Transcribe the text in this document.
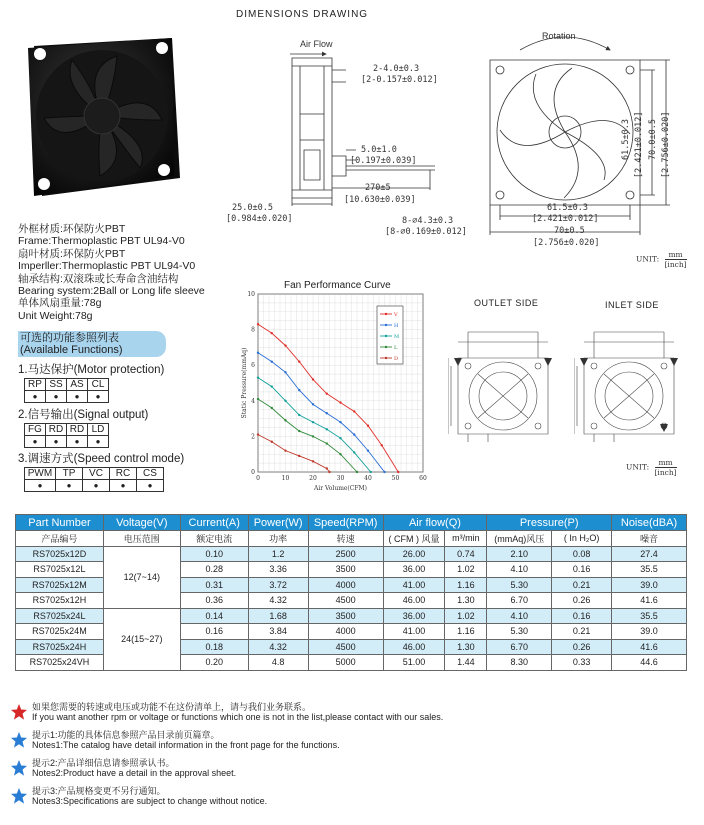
DIMENSIONS DRAWING
Air Flow
2-4.0±0.3
[2-0.157±0.012]
5.0±1.0
[0.197±0.039]
270±5
[10.630±0.039]
25.0±0.5
[0.984±0.020]
Rotation
61.5±0.3
[2.421±0.012]
70±0.5
[2.756±0.020]
8-∅4.3±0.3
[8-∅0.169±0.012]
61.5±0.3 [2.421±0.012] 70.0±0.5 [2.756±0.020]
UNIT:	mm
[inch]
外框材质:环保防火PBT
Frame:Thermoplastic PBT UL94-V0
扇叶材质:环保防火PBT
Imperller:Thermoplastic PBT UL94-V0
轴承结构:双滚珠或长寿命含油结构
Bearing system:2Ball or Long life sleeve
单体风扇重量:78g
Unit Weight:78g
可选的功能参照列表
(Available Functions)
1.马达保护(Motor protection)
RP	SS	AS	CL
●	●	●	●
2.信号输出(Signal output)
FG	RD	RD	LD
●	●	●	●
3.调速方式(Speed control mode)
PWM	TP	VC	RC	CS
●	●	●	●	●
Fan Performance Curve
0	10	20	30	40	50	60
0
2
4
6
8
10
Air Volume(CFM)
Static Pressure(mmAq)
V
H
M
L
D
OUTLET SIDE	INLET SIDE
UNIT:	mm
[inch]
Part Number	Voltage(V)	Current(A)	Power(W)	Speed(RPM)	Air flow(Q)		Pressure(P)		Noise(dBA)
产品编号	电压范围	额定电流	功率	转速	( CFM ) 风量	m³/min	(mmAq)风压	( In H₂O)	噪音
RS7025x12D	12(7~14)	0.10	1.2	2500	26.00	0.74	2.10	0.08	27.4
RS7025x12L		0.28	3.36	3500	36.00	1.02	4.10	0.16	35.5
RS7025x12M		0.31	3.72	4000	41.00	1.16	5.30	0.21	39.0
RS7025x12H		0.36	4.32	4500	46.00	1.30	6.70	0.26	41.6
RS7025x24L	24(15~27)	0.14	1.68	3500	36.00	1.02	4.10	0.16	35.5
RS7025x24M		0.16	3.84	4000	41.00	1.16	5.30	0.21	39.0
RS7025x24H		0.18	4.32	4500	46.00	1.30	6.70	0.26	41.6
RS7025x24VH		0.20	4.8	5000	51.00	1.44	8.30	0.33	44.6
如果您需要的转速或电压或功能不在这份清单上，请与我们业务联系。
If you want another rpm or voltage or functions which one is not in the list,please contact with our sales.
提示1:功能的具体信息参照产品目录前页篇章。
Notes1:The catalog have detail information in the front page for the functions.
提示2:产品详细信息请参照承认书。
Notes2:Product have a detail in the approval sheet.
提示3:产品规格变更不另行通知。
Notes3:Specifications are subject to change without notice.
